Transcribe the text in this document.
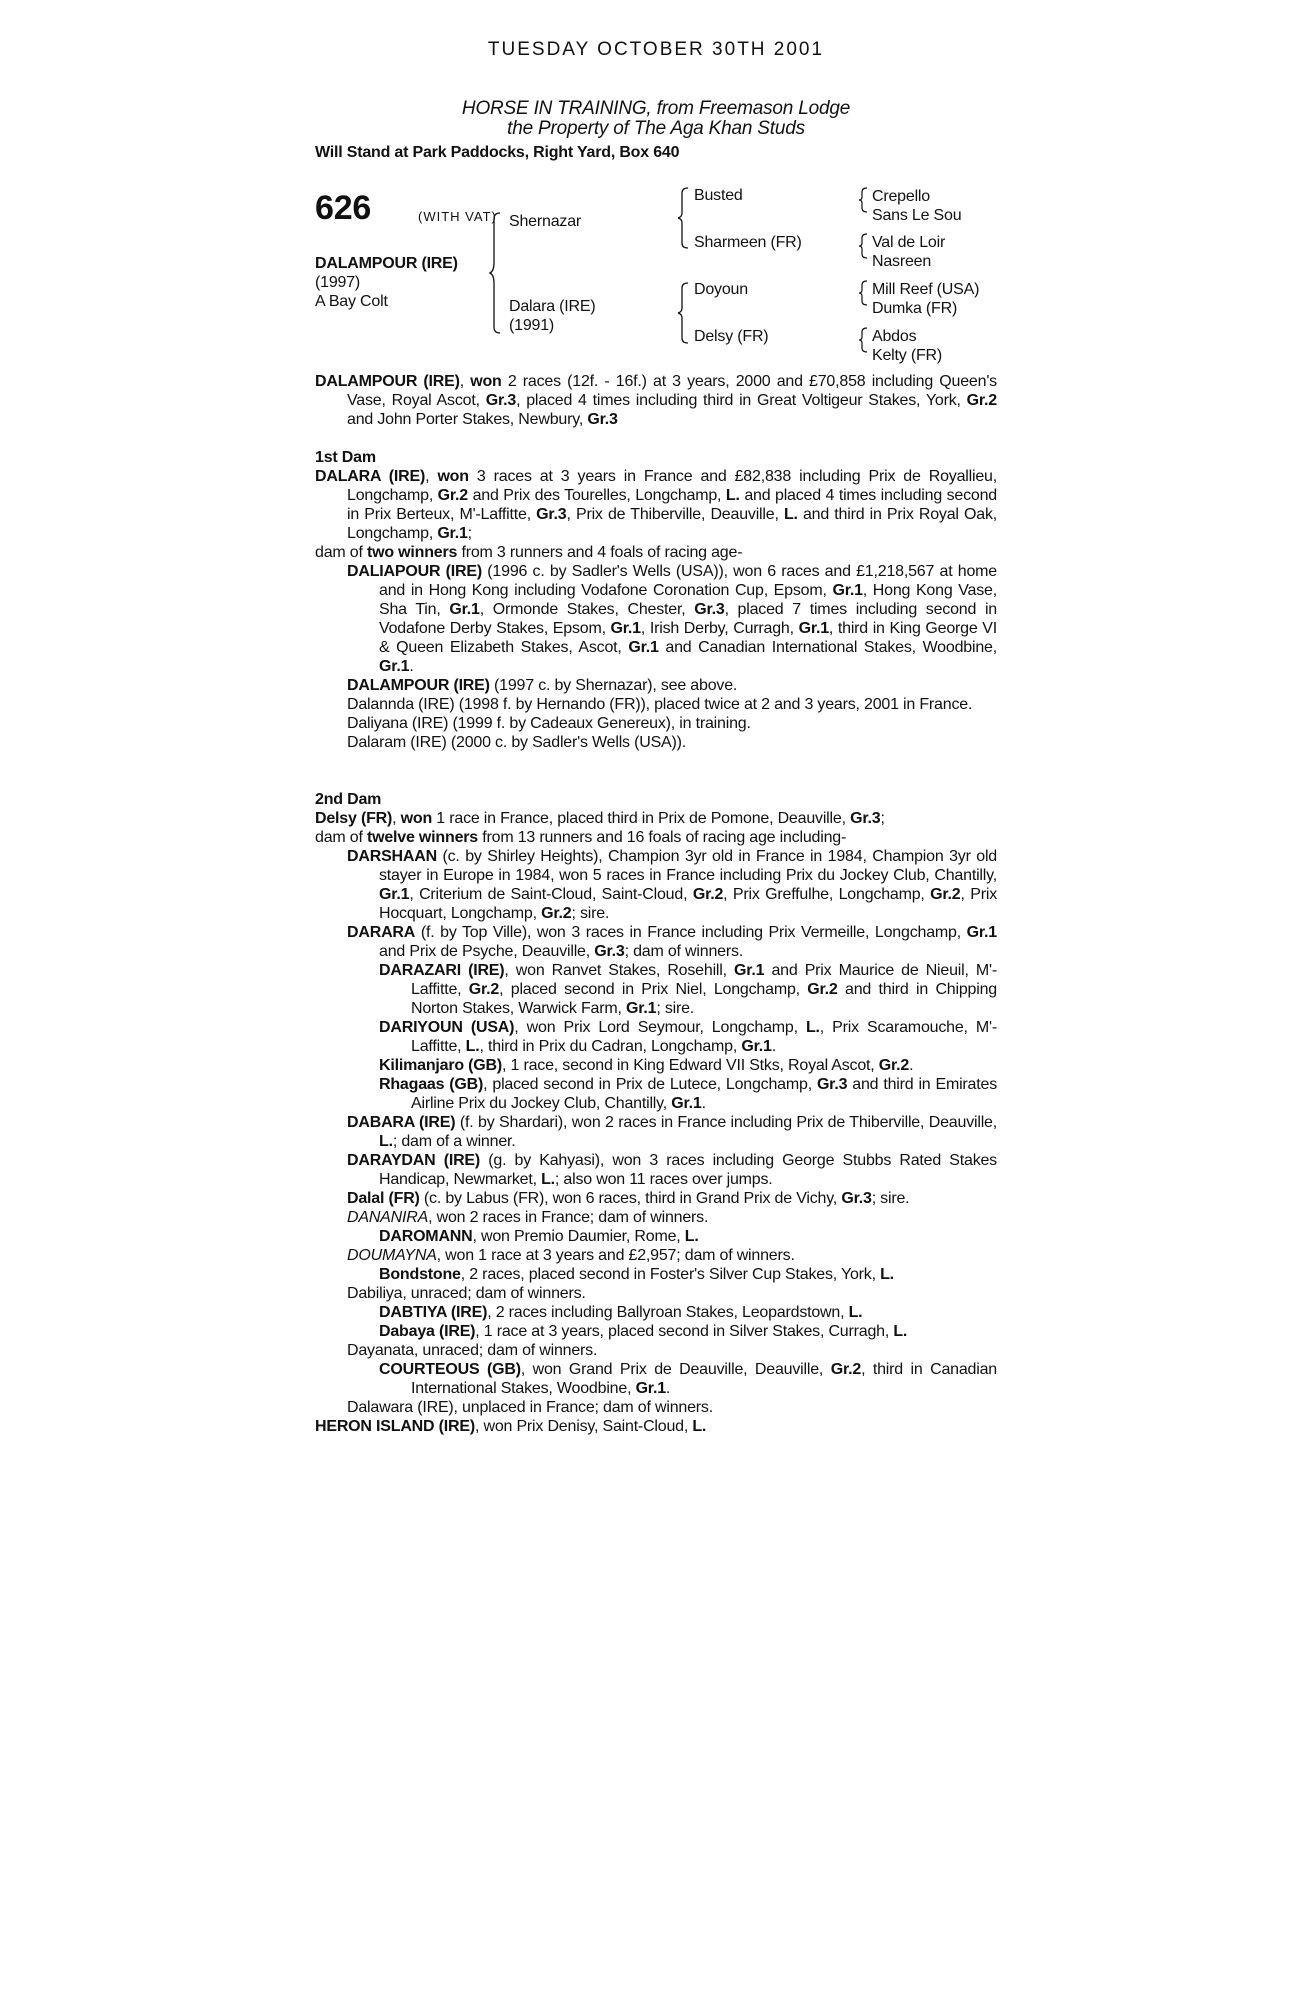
TUESDAY OCTOBER 30TH 2001
HORSE IN TRAINING, from Freemason Lodge
the Property of The Aga Khan Studs
Will Stand at Park Paddocks, Right Yard, Box 640
626	(WITH VAT)
DALAMPOUR (IRE)
(1997)
A Bay Colt
Shernazar
Dalara (IRE)
(1991)
Busted
Sharmeen (FR)
Doyoun
Delsy (FR)
Crepello
Sans Le Sou
Val de Loir
Nasreen
Mill Reef (USA)
Dumka (FR)
Abdos
Kelty (FR)

DALAMPOUR (IRE), won 2 races (12f. - 16f.) at 3 years, 2000 and £70,858 including Queen's Vase, Royal Ascot, Gr.3, placed 4 times including third in Great Voltigeur Stakes, York, Gr.2 and John Porter Stakes, Newbury, Gr.3

1st Dam

DALARA (IRE), won 3 races at 3 years in France and £82,838 including Prix de Royallieu, Longchamp, Gr.2 and Prix des Tourelles, Longchamp, L. and placed 4 times including second in Prix Berteux, M'-Laffitte, Gr.3, Prix de Thiberville, Deauville, L. and third in Prix Royal Oak, Longchamp, Gr.1;

dam of two winners from 3 runners and 4 foals of racing age-

DALIAPOUR (IRE) (1996 c. by Sadler's Wells (USA)), won 6 races and £1,218,567 at home and in Hong Kong including Vodafone Coronation Cup, Epsom, Gr.1, Hong Kong Vase, Sha Tin, Gr.1, Ormonde Stakes, Chester, Gr.3, placed 7 times including second in Vodafone Derby Stakes, Epsom, Gr.1, Irish Derby, Curragh, Gr.1, third in King George VI & Queen Elizabeth Stakes, Ascot, Gr.1 and Canadian International Stakes, Woodbine, Gr.1.

DALAMPOUR (IRE) (1997 c. by Shernazar), see above.

Dalannda (IRE) (1998 f. by Hernando (FR)), placed twice at 2 and 3 years, 2001 in France.

Daliyana (IRE) (1999 f. by Cadeaux Genereux), in training.

Dalaram (IRE) (2000 c. by Sadler's Wells (USA)).

2nd Dam

Delsy (FR), won 1 race in France, placed third in Prix de Pomone, Deauville, Gr.3;

dam of twelve winners from 13 runners and 16 foals of racing age including-

DARSHAAN (c. by Shirley Heights), Champion 3yr old in France in 1984, Champion 3yr old stayer in Europe in 1984, won 5 races in France including Prix du Jockey Club, Chantilly, Gr.1, Criterium de Saint-Cloud, Saint-Cloud, Gr.2, Prix Greffulhe, Longchamp, Gr.2, Prix Hocquart, Longchamp, Gr.2; sire.

DARARA (f. by Top Ville), won 3 races in France including Prix Vermeille, Longchamp, Gr.1 and Prix de Psyche, Deauville, Gr.3; dam of winners.

DARAZARI (IRE), won Ranvet Stakes, Rosehill, Gr.1 and Prix Maurice de Nieuil, M'-Laffitte, Gr.2, placed second in Prix Niel, Longchamp, Gr.2 and third in Chipping Norton Stakes, Warwick Farm, Gr.1; sire.

DARIYOUN (USA), won Prix Lord Seymour, Longchamp, L., Prix Scaramouche, M'-Laffitte, L., third in Prix du Cadran, Longchamp, Gr.1.

Kilimanjaro (GB), 1 race, second in King Edward VII Stks, Royal Ascot, Gr.2.

Rhagaas (GB), placed second in Prix de Lutece, Longchamp, Gr.3 and third in Emirates Airline Prix du Jockey Club, Chantilly, Gr.1.

DABARA (IRE) (f. by Shardari), won 2 races in France including Prix de Thiberville, Deauville, L.; dam of a winner.

DARAYDAN (IRE) (g. by Kahyasi), won 3 races including George Stubbs Rated Stakes Handicap, Newmarket, L.; also won 11 races over jumps.

Dalal (FR) (c. by Labus (FR), won 6 races, third in Grand Prix de Vichy, Gr.3; sire.

DANANIRA, won 2 races in France; dam of winners.

DAROMANN, won Premio Daumier, Rome, L.

DOUMAYNA, won 1 race at 3 years and £2,957; dam of winners.

Bondstone, 2 races, placed second in Foster's Silver Cup Stakes, York, L.

Dabiliya, unraced; dam of winners.

DABTIYA (IRE), 2 races including Ballyroan Stakes, Leopardstown, L.

Dabaya (IRE), 1 race at 3 years, placed second in Silver Stakes, Curragh, L.

Dayanata, unraced; dam of winners.

COURTEOUS (GB), won Grand Prix de Deauville, Deauville, Gr.2, third in Canadian International Stakes, Woodbine, Gr.1.

Dalawara (IRE), unplaced in France; dam of winners.

HERON ISLAND (IRE), won Prix Denisy, Saint-Cloud, L.
